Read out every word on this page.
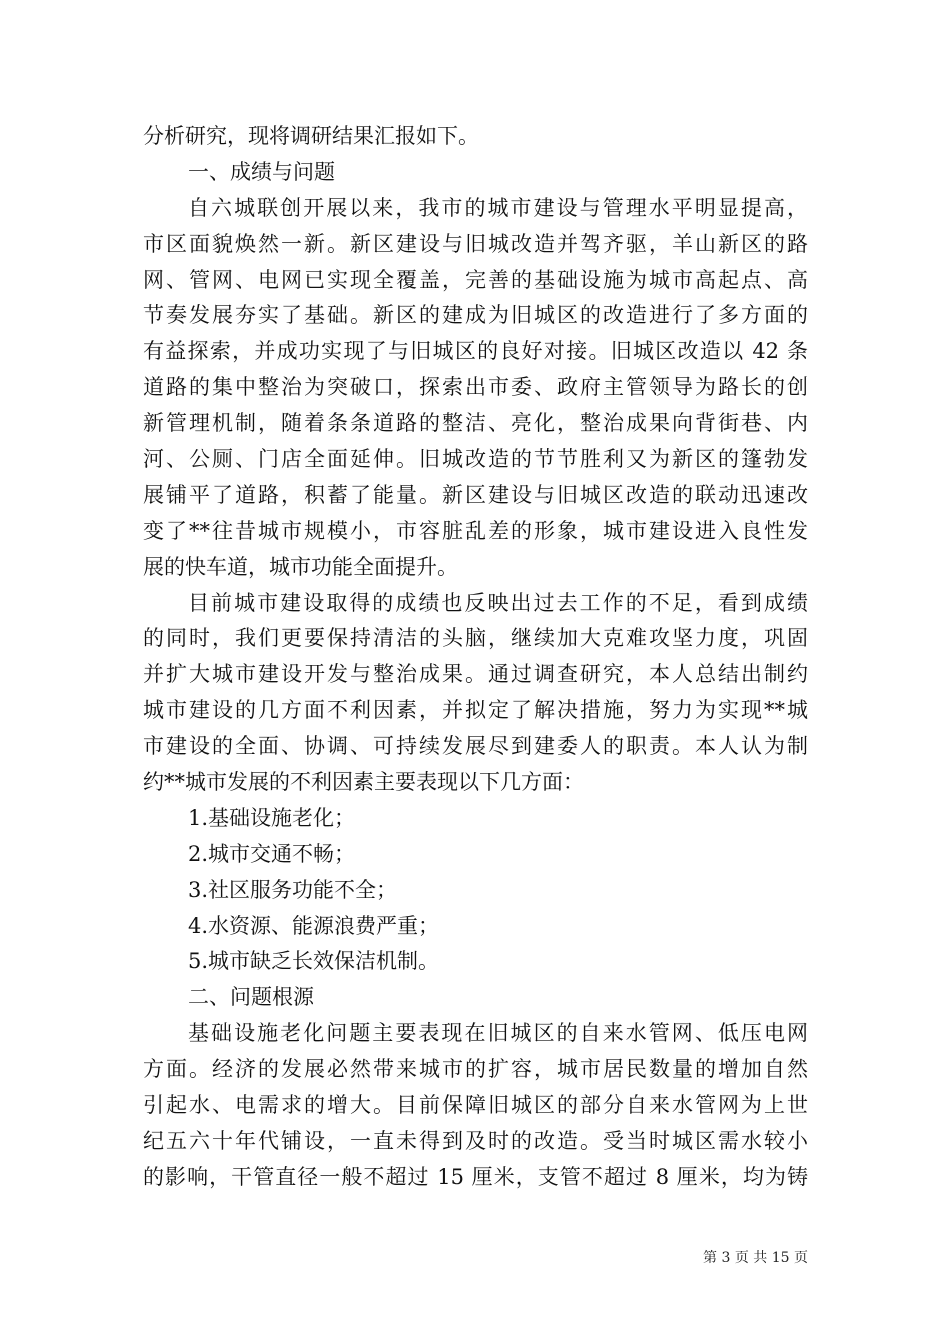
分析研究，现将调研结果汇报如下。
一、成绩与问题
自六城联创开展以来，我市的城市建设与管理水平明显提高，
市区面貌焕然一新。新区建设与旧城改造并驾齐驱，羊山新区的路
网、管网、电网已实现全覆盖，完善的基础设施为城市高起点、高
节奏发展夯实了基础。新区的建成为旧城区的改造进行了多方面的
有益探索，并成功实现了与旧城区的良好对接。旧城区改造以 42 条
道路的集中整治为突破口，探索出市委、政府主管领导为路长的创
新管理机制，随着条条道路的整洁、亮化，整治成果向背街巷、内
河、公厕、门店全面延伸。旧城改造的节节胜利又为新区的篷勃发
展铺平了道路，积蓄了能量。新区建设与旧城区改造的联动迅速改
变了**往昔城市规模小，市容脏乱差的形象，城市建设进入良性发
展的快车道，城市功能全面提升。
目前城市建设取得的成绩也反映出过去工作的不足，看到成绩
的同时，我们更要保持清洁的头脑，继续加大克难攻坚力度，巩固
并扩大城市建设开发与整治成果。通过调查研究，本人总结出制约
城市建设的几方面不利因素，并拟定了解决措施，努力为实现**城
市建设的全面、协调、可持续发展尽到建委人的职责。本人认为制
约**城市发展的不利因素主要表现以下几方面：
1.基础设施老化；
2.城市交通不畅；
3.社区服务功能不全；
4.水资源、能源浪费严重；
5.城市缺乏长效保洁机制。
二、问题根源
基础设施老化问题主要表现在旧城区的自来水管网、低压电网
方面。经济的发展必然带来城市的扩容，城市居民数量的增加自然
引起水、电需求的增大。目前保障旧城区的部分自来水管网为上世
纪五六十年代铺设，一直未得到及时的改造。受当时城区需水较小
的影响，干管直径一般不超过 15 厘米，支管不超过 8 厘米，均为铸
第 3 页 共 15 页
